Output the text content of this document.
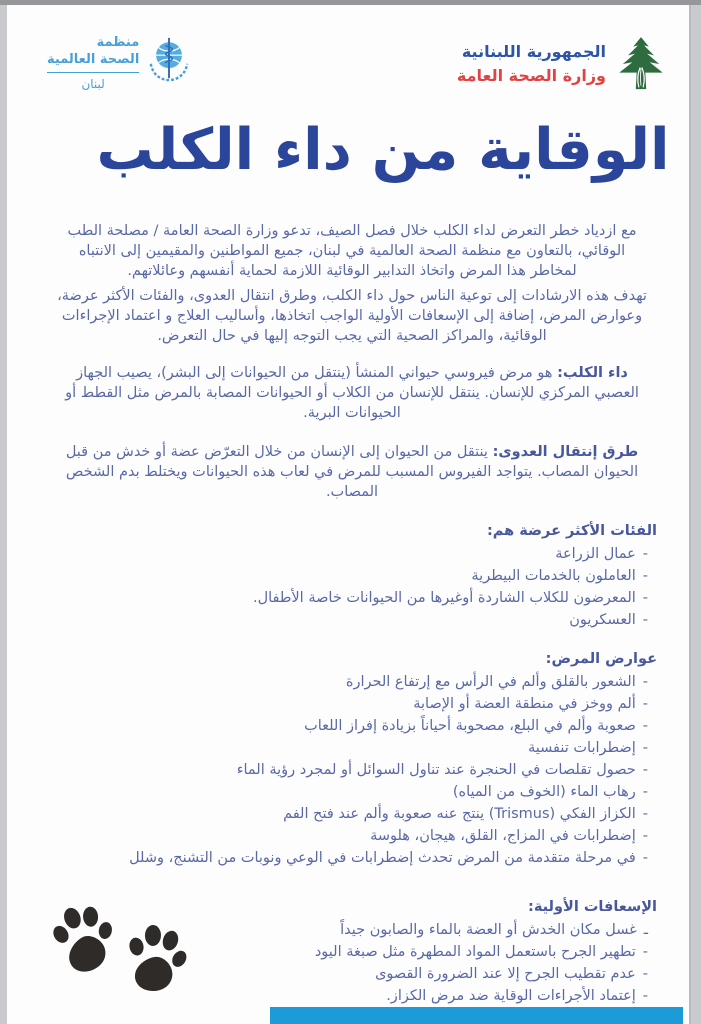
الجمهورية اللبنانية
وزارة الصحة العامة
منظمة
الصحة العالمية
لبنان
الوقاية من داء الكلب

مع ازدياد خطر التعرض لداء الكلب خلال فصل الصيف، تدعو وزارة الصحة العامة / مصلحة الطب الوقائي، بالتعاون مع منظمة الصحة العالمية في لبنان، جميع المواطنين والمقيمين إلى الانتباه لمخاطر هذا المرض واتخاذ التدابير الوقائية اللازمة لحماية أنفسهم وعائلاتهم.

تهدف هذه الارشادات إلى توعية الناس حول داء الكلب، وطرق انتقال العدوى، والفئات الأكثر عرضة، وعوارض المرض، إضافة إلى الإسعافات الأولية الواجب اتخاذها، وأساليب العلاج و اعتماد الإجراءات الوقائية، والمراكز الصحية التي يجب التوجه إليها في حال التعرض.

داء الكلب: هو مرض فيروسي حيواني المنشأ (ينتقل من الحيوانات إلى البشر)، يصيب الجهاز العصبي المركزي للإنسان. ينتقل للإنسان من الكلاب أو الحيوانات المصابة بالمرض مثل القطط أو الحيوانات البرية.

طرق إنتقال العدوى: ينتقل من الحيوان إلى الإنسان من خلال التعرّض عضة أو خدش من قبل الحيوان المصاب. يتواجد الفيروس المسبب للمرض في لعاب هذه الحيوانات ويختلط بدم الشخص المصاب.

الفئات الأكثر عرضة هم:
-عمال الزراعة
-العاملون بالخدمات البيطرية
-المعرضون للكلاب الشاردة أوغيرها من الحيوانات خاصة الأطفال.
-العسكريون
عوارض المرض:
-الشعور بالقلق وألم في الرأس مع إرتفاع الحرارة
-ألم ووخز في منطقة العضة أو الإصابة
-صعوبة وألم في البلع، مصحوبة أحياناً بزيادة إفراز اللعاب
-إضطرابات تنفسية
-حصول تقلصات في الحنجرة عند تناول السوائل أو لمجرد رؤية الماء
-رهاب الماء (الخوف من المياه)
-الكزاز الفكي (Trismus) ينتج عنه صعوبة وألم عند فتح الفم
-إضطرابات في المزاج، القلق، هيجان، هلوسة
-في مرحلة متقدمة من المرض تحدث إضطرابات في الوعي ونوبات من التشنج، وشلل
الإسعافات الأولية:
ـغسل مكان الخدش أو العضة بالماء والصابون جيداً
-تطهير الجرح باستعمل المواد المطهرة مثل صبغة اليود
-عدم تقطيب الجرح إلا عند الضرورة القصوى
-إعتماد الأجراءات الوقاية ضد مرض الكزاز.
